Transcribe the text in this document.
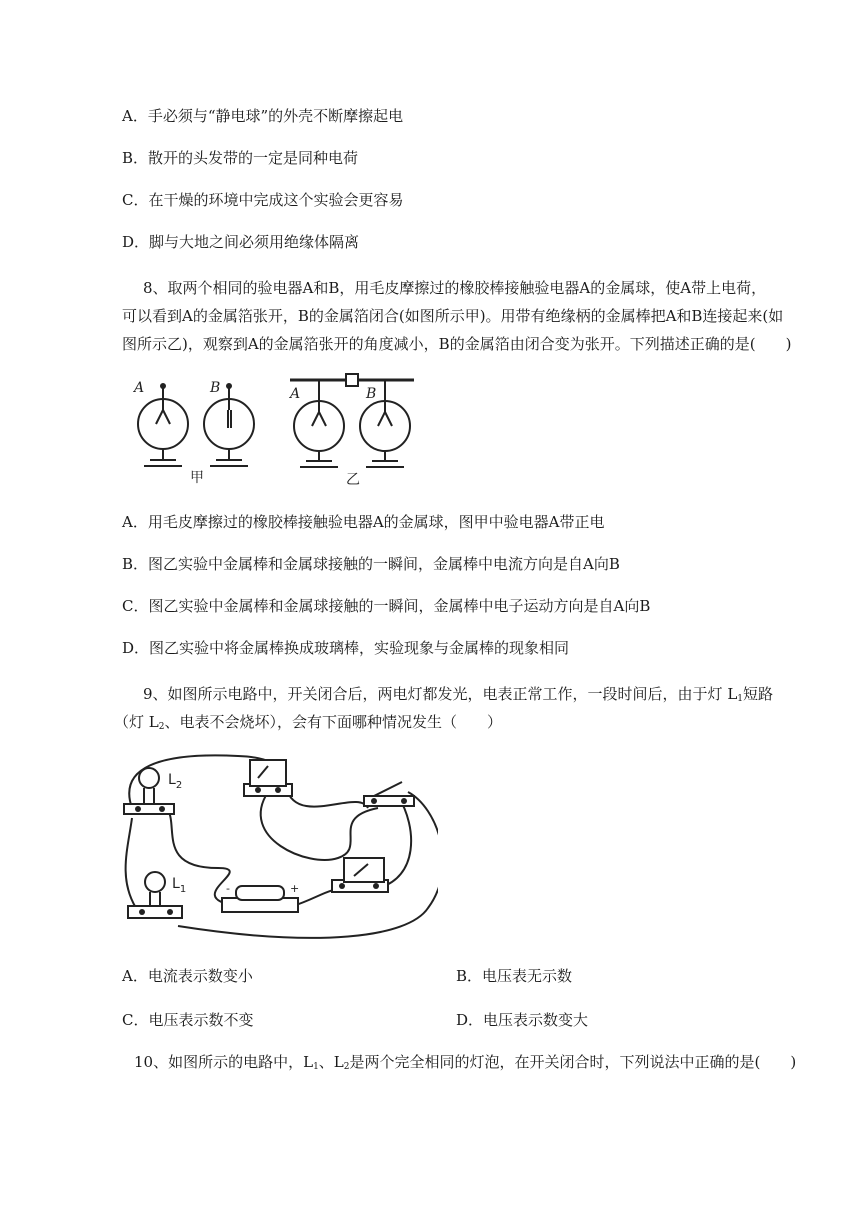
A．手必须与“静电球”的外壳不断摩擦起电
B．散开的头发带的一定是同种电荷
C．在干燥的环境中完成这个实验会更容易
D．脚与大地之间必须用绝缘体隔离
8、取两个相同的验电器A和B，用毛皮摩擦过的橡胶棒接触验电器A的金属球，使A带上电荷，
可以看到A的金属箔张开，B的金属箔闭合(如图所示甲)。用带有绝缘柄的金属棒把A和B连接起来(如
图所示乙)，观察到A的金属箔张开的角度减小，B的金属箔由闭合变为张开。下列描述正确的是(　　)
A	B	A	B
甲	乙
A．用毛皮摩擦过的橡胶棒接触验电器A的金属球，图甲中验电器A带正电
B．图乙实验中金属棒和金属球接触的一瞬间，金属棒中电流方向是自A向B
C．图乙实验中金属棒和金属球接触的一瞬间，金属棒中电子运动方向是自A向B
D．图乙实验中将金属棒换成玻璃棒，实验现象与金属棒的现象相同
9、如图所示电路中，开关闭合后，两电灯都发光，电表正常工作，一段时间后，由于灯 $L_1$短路
（灯 $L_2$、电表不会烧坏），会有下面哪种情况发生（　　）
$L_2$
$L_1$	-	+
A．电流表示数变小	B．电压表无示数
C．电压表示数不变	D．电压表示数变大
10、如图所示的电路中，$L_1$、$L_2$是两个完全相同的灯泡，在开关闭合时，下列说法中正确的是(　　)
